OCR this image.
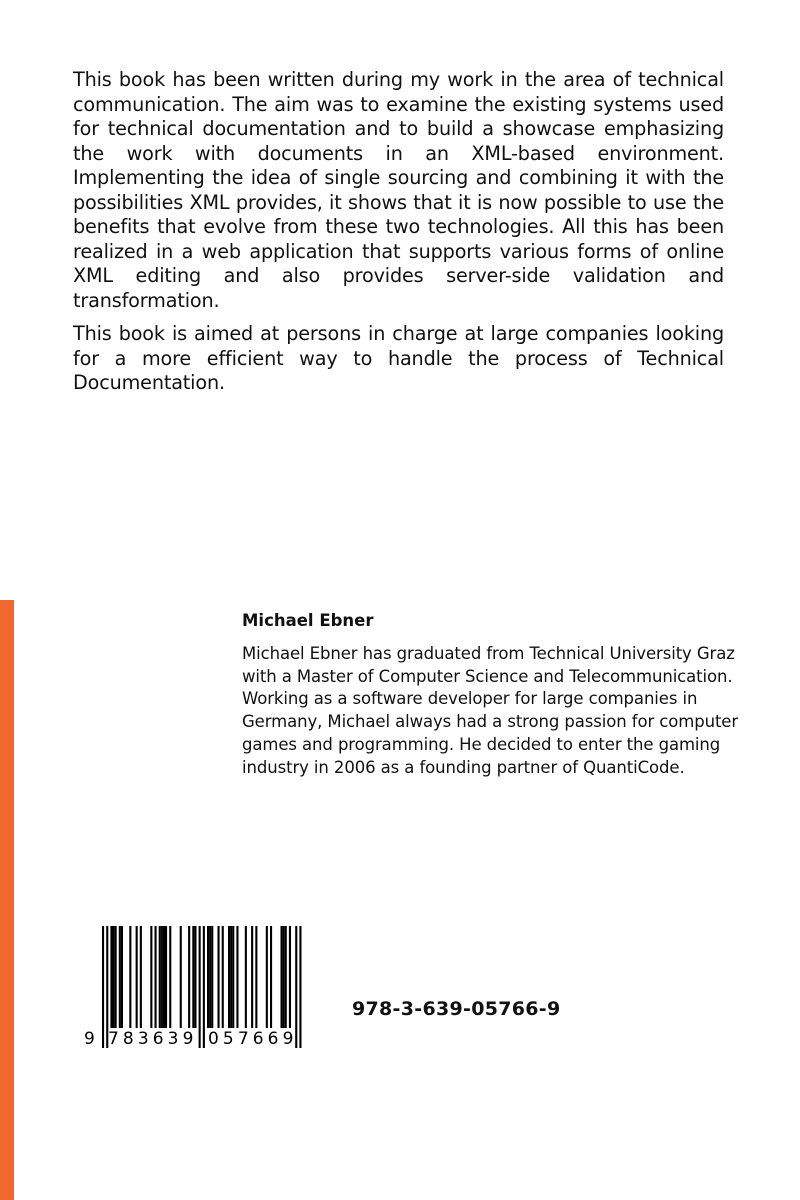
This book has been written during my work in the area of technical communication. The aim was to examine the existing systems used for technical documentation and to build a showcase emphasizing the work with documents in an XML-based environment. Implementing the idea of single sourcing and combining it with the possibilities XML provides, it shows that it is now possible to use the benefits that evolve from these two technologies. All this has been realized in a web application that supports various forms of online XML editing and also provides server-side validation and transformation.

This book is aimed at persons in charge at large companies looking for a more efficient way to handle the process of Technical Documentation.

Michael Ebner

Michael Ebner has graduated from Technical University Graz with a Master of Computer Science and Telecommunication. Working as a software developer for large companies in Germany, Michael always had a strong passion for computer games and programming. He decided to enter the gaming industry in 2006 as a founding partner of QuantiCode.

9 783639 057669
978-3-639-05766-9
